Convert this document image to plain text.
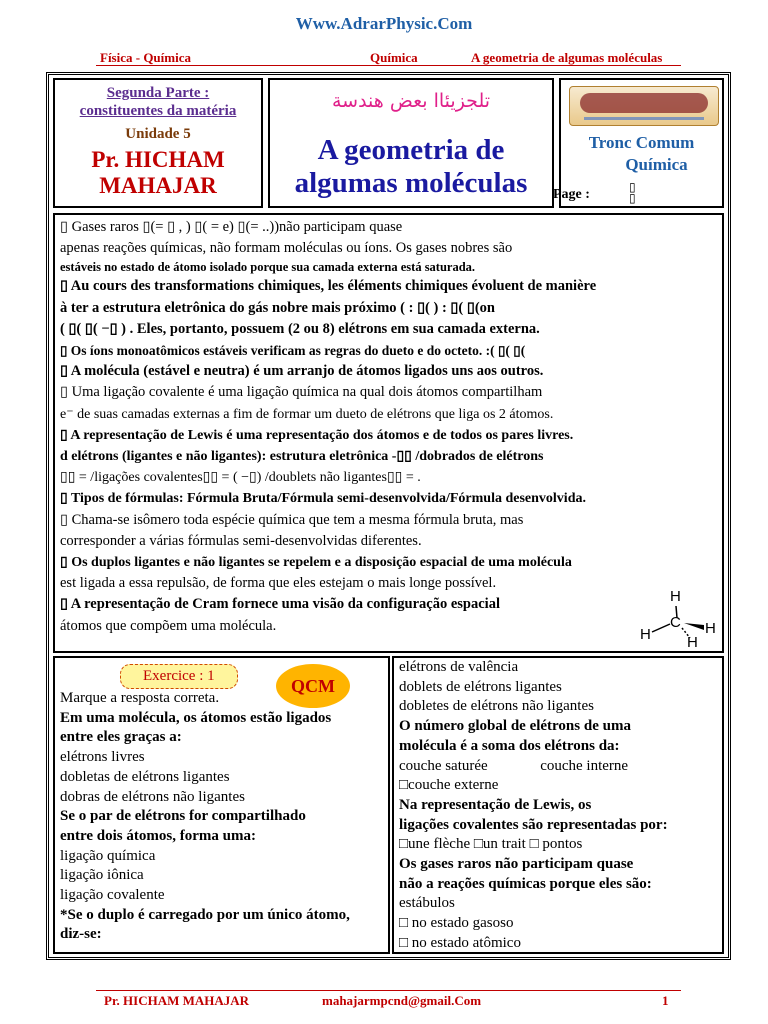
Www.AdrarPhysic.Com
Física - Química	Química	A geometria de algumas moléculas
Segunda Parte :
constituentes da matéria
Unidade 5
Pr. HICHAM
MAHAJAR
تلجزيئاا بعض هندسة
A geometria de
algumas moléculas
Tronc Comum
Química
Page :	▯
▯
▯ Gases raros ▯(= ▯ , ) ▯( = e) ▯(= ..))não participam quase
apenas reações químicas, não formam moléculas ou íons. Os gases nobres são
estáveis no estado de átomo isolado porque sua camada externa está saturada.
▯ Au cours des transformations chimiques, les éléments chimiques évoluent de manière
à ter a estrutura eletrônica do gás nobre mais próximo ( : ▯( ) : ▯( ▯(on
( ▯( ▯( −▯ ) . Eles, portanto, possuem (2 ou 8) elétrons em sua camada externa.
▯ Os íons monoatômicos estáveis verificam as regras do dueto e do octeto. :( ▯( ▯(
▯ A molécula (estável e neutra) é um arranjo de átomos ligados uns aos outros.
▯ Uma ligação covalente é uma ligação química na qual dois átomos compartilham
e⁻ de suas camadas externas a fim de formar um dueto de elétrons que liga os 2 átomos.
▯ A representação de Lewis é uma representação dos átomos e de todos os pares livres.
d elétrons (ligantes e não ligantes): estrutura eletrônica -▯▯ /dobrados de elétrons
▯▯ = /ligações covalentes▯▯ = ( −▯) /doublets não ligantes▯▯ = .
▯ Tipos de fórmulas: Fórmula Bruta/Fórmula semi-desenvolvida/Fórmula desenvolvida.
▯ Chama-se isômero toda espécie química que tem a mesma fórmula bruta, mas
corresponder a várias fórmulas semi-desenvolvidas diferentes.
▯ Os duplos ligantes e não ligantes se repelem e a disposição espacial de uma molécula
est ligada a essa repulsão, de forma que eles estejam o mais longe possível.
▯ A representação de Cram fornece uma visão da configuração espacial
átomos que compõem uma molécula.
H
H
C H
H
Exercice : 1
Marque a resposta correta.
Em uma molécula, os átomos estão ligados
entre eles graças a:
elétrons livres
dobletas de elétrons ligantes
dobras de elétrons não ligantes
Se o par de elétrons for compartilhado
entre dois átomos, forma uma:
ligação química
ligação iônica
ligação covalente
*Se o duplo é carregado por um único átomo,
diz-se:
QCM
elétrons de valência
doblets de elétrons ligantes
dobletes de elétrons não ligantes
O número global de elétrons de uma
molécula é a soma dos elétrons da:
couche saturée              couche interne
□couche externe
Na representação de Lewis, os
ligações covalentes são representadas por:
□une flèche □un trait □ pontos
Os gases raros não participam quase
não a reações químicas porque eles são:
estábulos
□ no estado gasoso
□ no estado atômico
Pr. HICHAM MAHAJAR	mahajarmpcnd@gmail.Com	1
